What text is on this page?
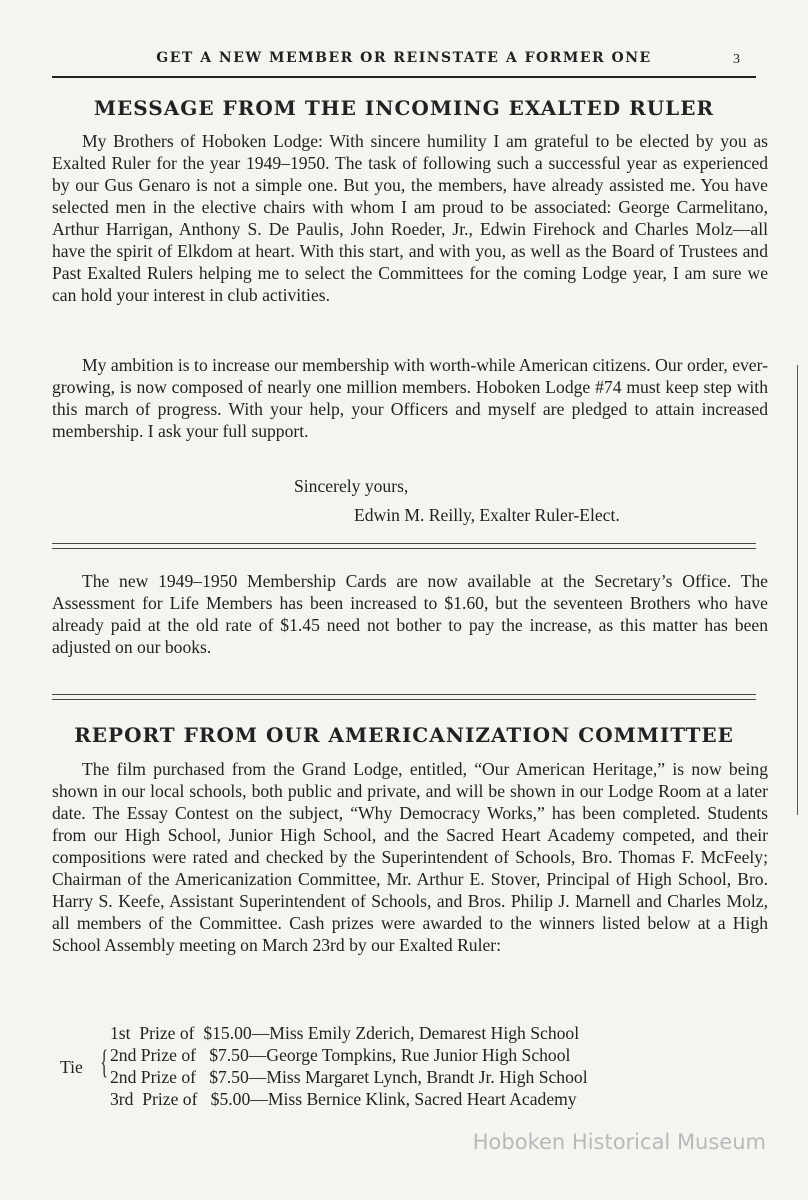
GET A NEW MEMBER OR REINSTATE A FORMER ONE	3
MESSAGE FROM THE INCOMING EXALTED RULER
My Brothers of Hoboken Lodge: With sincere humility I am grateful to be elected by you as Exalted Ruler for the year 1949–1950. The task of following such a successful year as experienced by our Gus Genaro is not a simple one. But you, the members, have already assisted me. You have selected men in the elective chairs with whom I am proud to be associated: George Carmelitano, Arthur Harrigan, Anthony S. De Paulis, John Roeder, Jr., Edwin Firehock and Charles Molz—all have the spirit of Elkdom at heart. With this start, and with you, as well as the Board of Trustees and Past Exalted Rulers helping me to select the Committees for the coming Lodge year, I am sure we can hold your interest in club activities.
My ambition is to increase our membership with worth-while American citizens. Our order, ever-growing, is now composed of nearly one million members. Hoboken Lodge #74 must keep step with this march of progress. With your help, your Officers and myself are pledged to attain increased membership. I ask your full support.
Sincerely yours,
Edwin M. Reilly, Exalter Ruler-Elect.
The new 1949–1950 Membership Cards are now available at the Secretary’s Office. The Assessment for Life Members has been increased to $1.60, but the seventeen Brothers who have already paid at the old rate of $1.45 need not bother to pay the increase, as this matter has been adjusted on our books.
REPORT FROM OUR AMERICANIZATION COMMITTEE
The film purchased from the Grand Lodge, entitled, “Our American Heritage,” is now being shown in our local schools, both public and private, and will be shown in our Lodge Room at a later date. The Essay Contest on the subject, “Why Democracy Works,” has been completed. Students from our High School, Junior High School, and the Sacred Heart Academy competed, and their compositions were rated and checked by the Superintendent of Schools, Bro. Thomas F. McFeely; Chairman of the Americanization Committee, Mr. Arthur E. Stover, Principal of High School, Bro. Harry S. Keefe, Assistant Superintendent of Schools, and Bros. Philip J. Marnell and Charles Molz, all members of the Committee. Cash prizes were awarded to the winners listed below at a High School Assembly meeting on March 23rd by our Exalted Ruler:
1st  Prize of  $15.00—Miss Emily Zderich, Demarest High School
Tie { 2nd Prize of   $7.50—George Tompkins, Rue Junior High School
2nd Prize of   $7.50—Miss Margaret Lynch, Brandt Jr. High School
3rd  Prize of   $5.00—Miss Bernice Klink, Sacred Heart Academy
Hoboken Historical Museum
